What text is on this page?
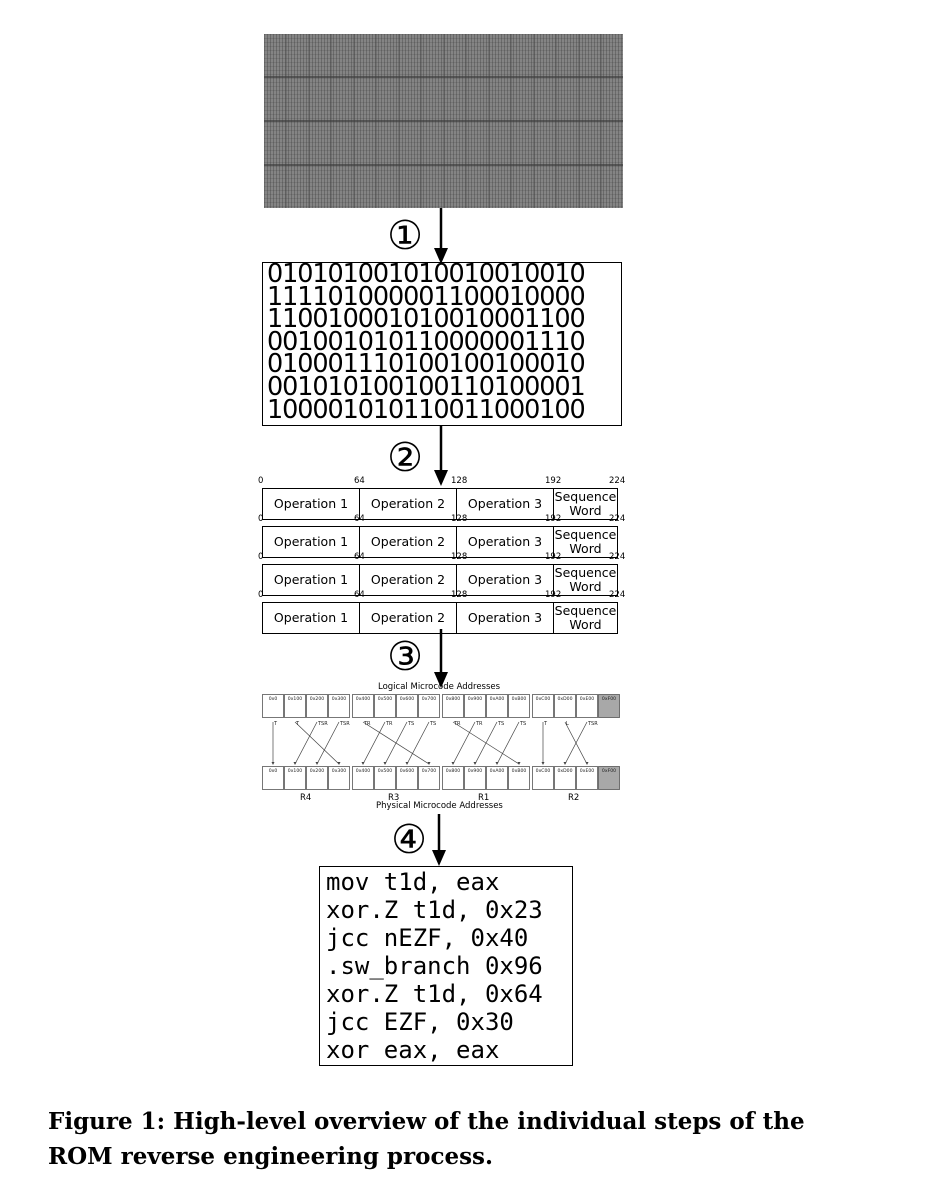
①
②
③
④
010101001010010010010
111101000001100010000
110010001010010001100
001001010110000001110
010001110100100100010
001010100100110100001
100001010110011000100
0	64	128	192	224
Operation 1	Operation 2	Operation 3	Sequence Word
0	64	128	192	224
Operation 1	Operation 2	Operation 3	Sequence Word
0	64	128	192	224
Operation 1	Operation 2	Operation 3	Sequence Word
0	64	128	192	224
Operation 1	Operation 2	Operation 3	Sequence Word
Logical Microcode Addresses
Physical Microcode Addresses
R4	R3	R1	R2
0x0 0x100 0x200 0x300 0x400 0x500 0x600 0x700 0x800 0x900 0xA00 0xB00 0xC00 0xD00 0xE00 0xF00
0x0 0x100 0x200 0x300 0x400 0x500 0x600 0x700 0x800 0x900 0xA00 0xB00 0xC00 0xD00 0xE00 0xF00
T	T	TSR TSR	TR	TR	TS	TS	TR	TR	TS	TS	T	L	TSR
mov t1d, eax
xor.Z t1d, 0x23
jcc nEZF, 0x40
.sw_branch 0x96
xor.Z t1d, 0x64
jcc EZF, 0x30
xor eax, eax
Figure 1: High-level overview of the individual steps of the
ROM reverse engineering process.
